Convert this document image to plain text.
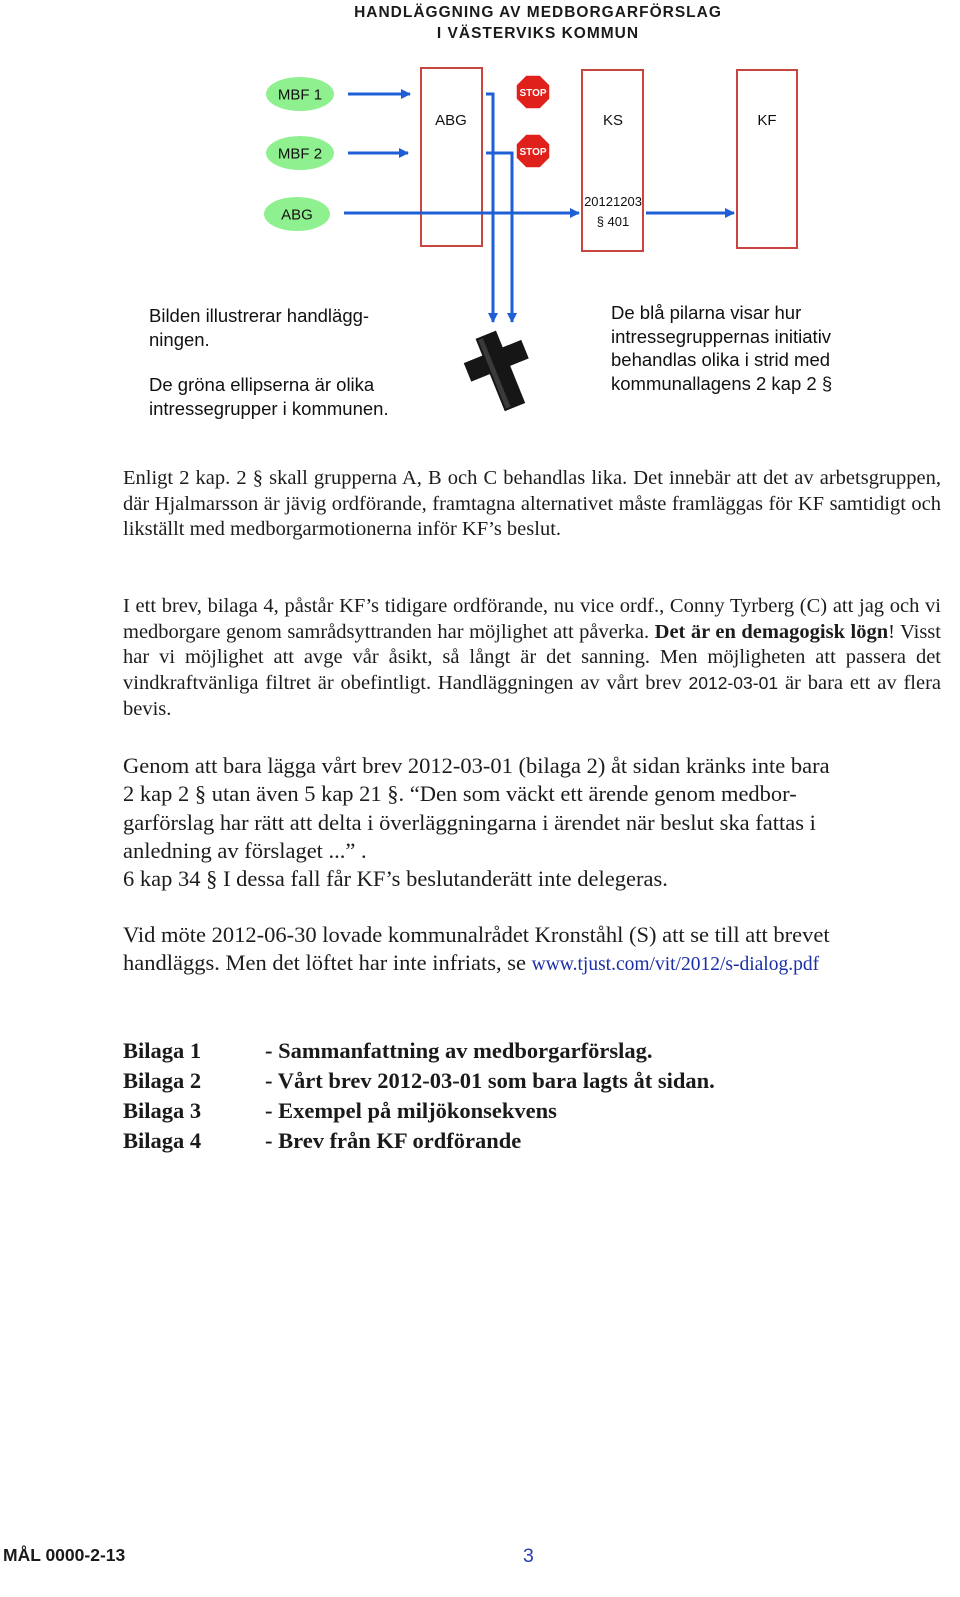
HANDLÄGGNING AV MEDBORGARFÖRSLAG
I VÄSTERVIKS KOMMUN
ABG	KS
20121203
§ 401
KF
MBF 1
MBF 2
ABG
STOP
STOP
Bilden illustrerar handlägg-
ningen.
De gröna ellipserna är olika
intressegrupper i kommunen.
De blå pilarna visar hur
intressegruppernas initiativ
behandlas olika i strid med
kommunallagens 2 kap 2 §
Enligt 2 kap. 2 § skall grupperna A, B och C behandlas lika. Det innebär att det av arbetsgruppen, där Hjalmarsson är jävig ordförande, framtagna alternativet måste framläggas för KF samtidigt och likställt med medborgarmotionerna inför KF’s beslut.
I ett brev, bilaga 4, påstår KF’s tidigare ordförande, nu vice ordf., Conny Tyrberg (C) att jag och vi medborgare genom samrådsyttranden har möjlighet att påverka. Det är en demagogisk lögn! Visst har vi möjlighet att avge vår åsikt, så långt är det sanning. Men möjligheten att passera det vindkraftvänliga filtret är obefintligt. Handläggningen av vårt brev 2012-03-01 är bara ett av flera bevis.
Genom att bara lägga vårt brev 2012-03-01 (bilaga 2) åt sidan kränks inte bara
2 kap 2 § utan även 5 kap 21 §. “Den som väckt ett ärende genom medbor-
garförslag har rätt att delta i överläggningarna i ärendet när beslut ska fattas i
anledning av förslaget ...” .
6 kap 34 § I dessa fall får KF’s beslutanderätt inte delegeras.
Vid möte 2012-06-30 lovade kommunalrådet Kronståhl (S) att se till att brevet
handläggs. Men det löftet har inte infriats, se www.tjust.com/vit/2012/s-dialog.pdf
Bilaga 1	- Sammanfattning av medborgarförslag.
Bilaga 2	- Vårt brev 2012-03-01 som bara lagts åt sidan.
Bilaga 3	- Exempel på miljökonsekvens
Bilaga 4	- Brev från KF ordförande
MÅL 0000-2-13	3
